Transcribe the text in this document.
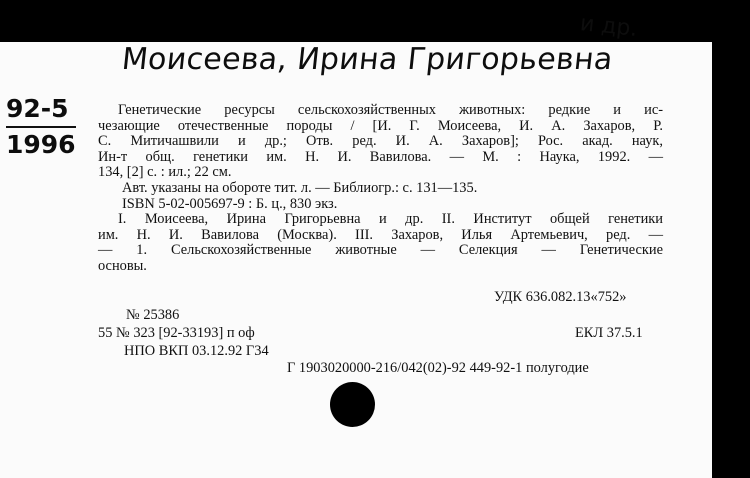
Моисеева, Ирина Григорьевна
и др.
92-5
1996
Генетические ресурсы сельскохозяйственных животных: редкие и ис-
чезающие отечественные породы / [И. Г. Моисеева, И. А. Захаров, Р.
С. Митичашвили и др.; Отв. ред. И. А. Захаров]; Рос. акад. наук,
Ин-т общ. генетики им. Н. И. Вавилова. — М. : Наука, 1992. —
134, [2] с. : ил.; 22 см.
Авт. указаны на обороте тит. л. — Библиогр.: с. 131—135.
ISBN 5-02-005697-9 : Б. ц., 830 экз.
I. Моисеева, Ирина Григорьевна и др. II. Институт общей генетики
им. Н. И. Вавилова (Москва). III. Захаров, Илья Артемьевич, ред. —
— 1. Сельскохозяйственные животные — Селекция — Генетические
основы.
УДК 636.082.13«752»
№ 25386
55 № 323 [92-33193] п оф	ЕКЛ 37.5.1
НПО ВКП 03.12.92 Г34
Г 1903020000-216/042(02)-92 449-92-1 полугодие
